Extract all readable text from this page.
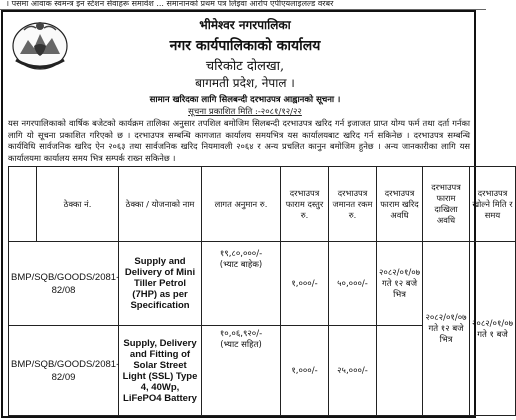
। पसमा आवाक स्वमन्त्र इन स्टेशन सेवाहरू समावेश ... समानानको प्रथम पत्र लिइवा आरोप एपीएयलाइलल्ड वरबर
भीमेश्वर नगरपालिका
नगर कार्यपालिकाको कार्यालय
चरिकोट दोलखा,
बागमती प्रदेश, नेपाल ।
सामान खरिदका लागि सिलबन्दी दरभाउपत्र आह्वानको सूचना ।
सूचना प्रकाशित मिति :-२०८१/१२/२२
यस नगरपालिकाको वार्षिक बजेटको कार्यक्रम तालिका अनुसार तपशिल बमोजिम सिलबन्दी दरभाउपत्र खरिद गर्न इजाजत प्राप्त योग्य फर्म तथा दर्ता गर्नका लागि यो सूचना प्रकाशित गरिएको छ । दरभाउपत्र सम्बन्धि कागजात कार्यालय समयभित्र यस कार्यालयबाट खरिद गर्न सकिनेछ । दरभाउपत्र सम्बन्धि कार्यविधि सार्वजनिक खरिद ऐन २०६३ तथा सार्वजनिक खरिद नियमावली २०६४ र अन्य प्रचलित कानुन बमोजिम हुनेछ । अन्य जानकारीका लागि यस कार्यालयमा कार्यालय समय भित्र सम्पर्क राख्न सकिनेछ ।
	ठेक्का नं.	ठेक्का / योजनाको नाम	लागत अनुमान रु.	दरभाउपत्र फाराम दस्तुर रु.	दरभाउपत्र जमानत रकम रु.	दरभाउपत्र फाराम खरिद अवधि	दरभाउपत्र फाराम दाखिला अवधि	दरभाउपत्र खोल्ने मिति र समय
BMP/SQB/GOODS/2081-82/08		Supply and Delivery of Mini Tiller Petrol (7HP) as per Specification	१९,८०,०००/-
(भ्याट बाहेक)	१,०००/-	५०,०००/-	२०८२/०१/०७ गते १२ बजे भित्र	२०८२/०१/०७ गते १२ बजे भित्र	२०८२/०१/०७ गते १ बजे
BMP/SQB/GOODS/2081-82/09		Supply, Delivery and Fitting of Solar Street Light (SSL) Type 4, 40Wp, LiFePO4 Battery	१०,०६,९२०/-
(भ्याट सहित)	१,०००/-	२५,०००/-			
